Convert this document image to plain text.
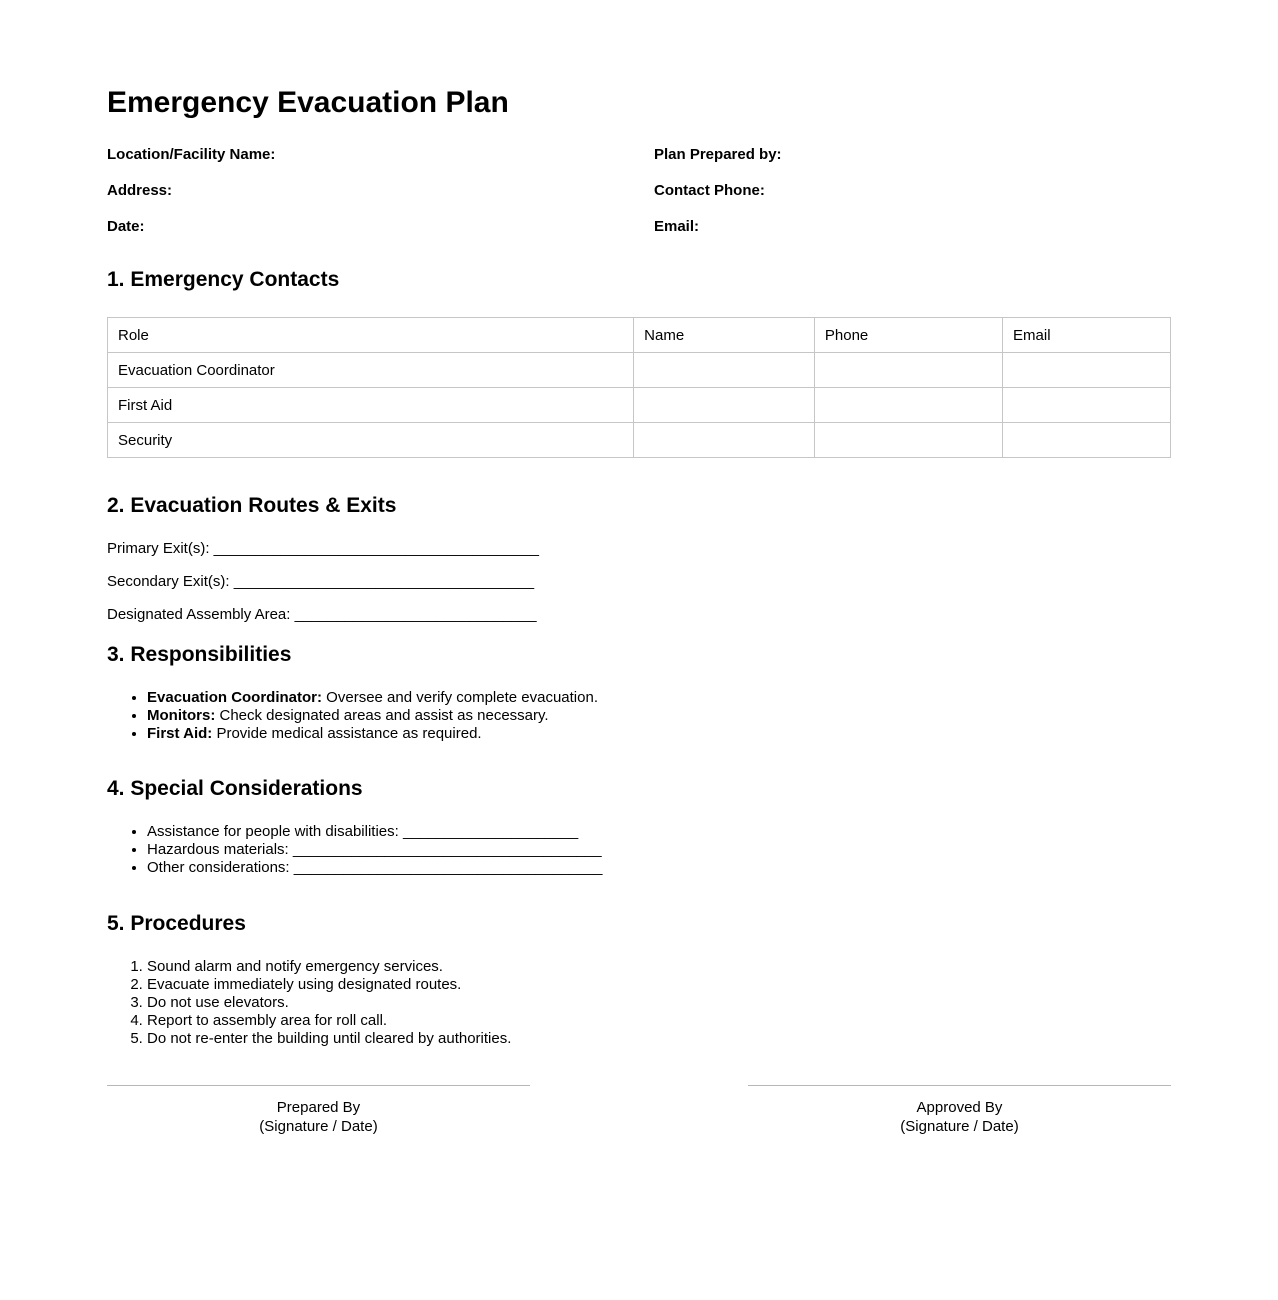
Emergency Evacuation Plan

Location/Facility Name:

Address:

Date:

Plan Prepared by:

Contact Phone:

Email:

1. Emergency Contacts
Role	Name	Phone	Email
Evacuation Coordinator			
First Aid			
Security			
2. Evacuation Routes & Exits

Primary Exit(s): _______________________________________

Secondary Exit(s): ____________________________________

Designated Assembly Area: _____________________________

3. Responsibilities
• Evacuation Coordinator: Oversee and verify complete evacuation.
• Monitors: Check designated areas and assist as necessary.
• First Aid: Provide medical assistance as required.
4. Special Considerations
• Assistance for people with disabilities: _____________________
• Hazardous materials: _____________________________________
• Other considerations: _____________________________________
5. Procedures
1. Sound alarm and notify emergency services.
2. Evacuate immediately using designated routes.
3. Do not use elevators.
4. Report to assembly area for roll call.
5. Do not re-enter the building until cleared by authorities.
Prepared By
(Signature / Date)
Approved By
(Signature / Date)
